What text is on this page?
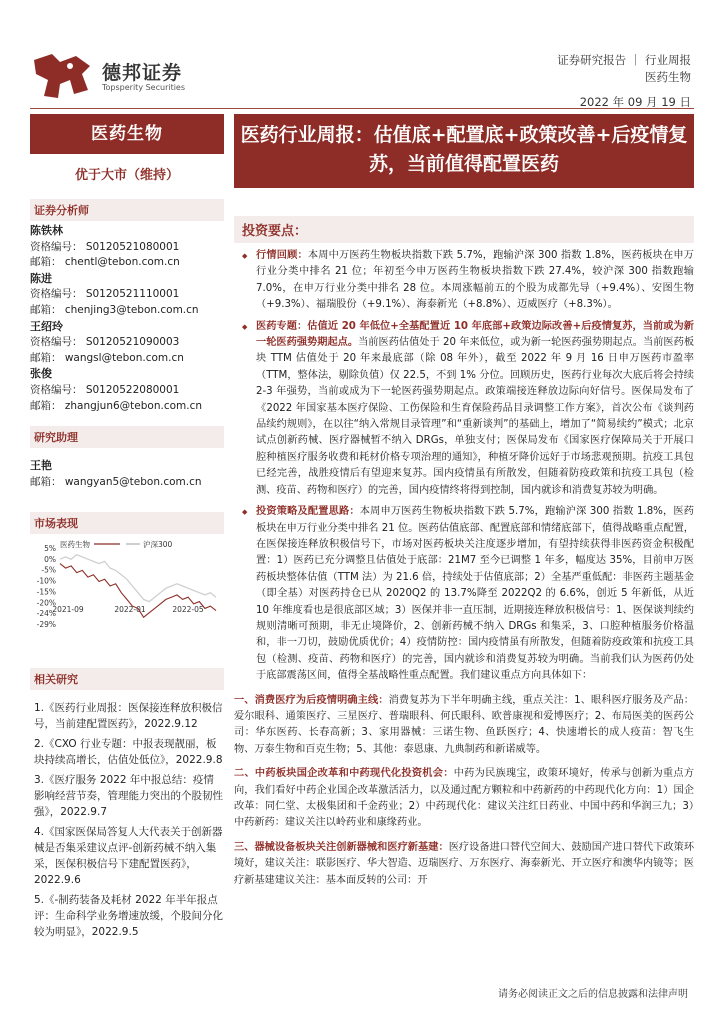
德邦证券
Topsperity Securities
证券研究报告 ｜ 行业周报
医药生物
2022 年 09 月 19 日
医药生物
优于大市（维持）
证券分析师
陈铁林
资格编号： S0120521080001
邮箱： chentl@tebon.com.cn
陈进
资格编号： S0120521110001
邮箱： chenjing3@tebon.com.cn
王绍玲
资格编号： S0120521090003
邮箱： wangsl@tebon.com.cn
张俊
资格编号： S0120522080001
邮箱： zhangjun6@tebon.com.cn
研究助理
王艳
邮箱： wangyan5@tebon.com.cn
市场表现
5%
0%
-5%
-10%
-15%
-20%
-24%
-29%
2021-09	2022-01	2022-05
医药生物	沪深300
相关研究
1.《医药行业周报：医保接连释放积极信号，当前建配置医药》，2022.9.12
2.《CXO 行业专题：中报表现靓丽，板块持续高增长，估值处低位》，2022.9.8
3.《医疗服务 2022 年中报总结：疫情影响经营节奏，管理能力突出的个股韧性强》，2022.9.7
4.《国家医保局答复人大代表关于创新器械是否集采建议点评-创新药械不纳入集采，医保积极信号下建配置医药》，2022.9.6
5.《-制药装备及耗材 2022 年半年报点评：生命科学业务增速放缓，个股间分化较为明显》，2022.9.5
医药行业周报：估值底+配置底+政策改善+后疫情复苏，当前值得配置医药
投资要点：
◆ 行情回顾：本周中万医药生物板块指数下跌 5.7%，跑输沪深 300 指数 1.8%，医药板块在申万行业分类中排名 21 位；年初至今申万医药生物板块指数下跌 27.4%，较沪深 300 指数跑输 7.0%，在申万行业分类中排名 28 位。本周涨幅前五的个股为成都先导（+9.4%）、安图生物（+9.3%）、福瑞股份（+9.1%）、海泰新光（+8.8%）、迈威医疗（+8.3%）。
◆ 医药专题：估值近 20 年低位+全基配置近 10 年底部+政策边际改善+后疫情复苏，当前或为新一轮医药强势期起点。当前医药估值处于 20 年来低位，或为新一轮医药强势期起点。当前医药板块 TTM 估值处于 20 年来最底部（除 08 年外），截至 2022 年 9 月 16 日申万医药市盈率（TTM，整体法，剔除负值）仅 22.5，不到 1% 分位。回顾历史，医药行业每次大底后将会持续 2-3 年强势，当前或成为下一轮医药强势期起点。政策端接连释放边际向好信号。医保局发布了《2022 年国家基本医疗保险、工伤保险和生育保险药品目录调整工作方案》，首次公布《谈判药品续约规则》，在以往“纳入常规目录管理”和“重新谈判”的基础上，增加了“简易续约”模式；北京试点创新药械、医疗器械暂不纳入 DRGs，单独支付；医保局发布《国家医疗保障局关于开展口腔种植医疗服务收费和耗材价格专项治理的通知》，种植牙降价远好于市场悲观预期。抗疫工具包已经完善，战胜疫情后有望迎来复苏。国内疫情虽有所散发，但随着防疫政策和抗疫工具包（检测、疫苗、药物和医疗）的完善，国内疫情终将得到控制，国内就诊和消费复苏较为明确。
◆ 投资策略及配置思路：本周申万医药生物板块指数下跌 5.7%，跑输沪深 300 指数 1.8%，医药板块在申万行业分类中排名 21 位。医药估值底部、配置底部和情绪底部下，值得战略重点配置，在医保接连释放积极信号下，市场对医药板块关注度逐步增加，有望持续获得非医药资金积极配置：1）医药已充分调整且估值处于底部：21M7 至今已调整 1 年多，幅度达 35%，目前申万医药板块整体估值（TTM 法）为 21.6 倍，持续处于估值底部；2）全基严重低配：非医药主题基金（即全基）对医药持仓已从 2020Q2 的 13.7%降至 2022Q2 的 6.6%，创近 5 年新低，从近 10 年维度看也是很底部区域；3）医保并非一直压制，近期接连释放积极信号：1、医保谈判续约规则清晰可预期，非无止境降价，2、创新药械不纳入 DRGs 和集采，3、口腔种植服务价格温和，非一刀切，鼓励优质优价；4）疫情防控：国内疫情虽有所散发，但随着防疫政策和抗疫工具包（检测、疫苗、药物和医疗）的完善，国内就诊和消费复苏较为明确。当前我们认为医药仍处于底部震荡区间，值得全基战略性重点配置。我们建议重点方向具体如下：
一、消费医疗为后疫情明确主线：消费复苏为下半年明确主线，重点关注：1、眼科医疗服务及产品：爱尔眼科、通策医疗、三星医疗、普瑞眼科、何氏眼科、欧普康视和爱博医疗；2、布局医美的医药公司：华东医药、长春高新；3、家用器械：三诺生物、鱼跃医疗；4、快速增长的成人疫苗：智飞生物、万泰生物和百克生物；5、其他：泰恩康、九典制药和新诺威等。
二、中药板块国企改革和中药现代化投资机会：中药为民族瑰宝，政策环境好，传承与创新为重点方向，我们看好中药企业国企改革激活活力，以及通过配方颗粒和中药新药的中药现代化方向：1）国企改革：同仁堂、太极集团和千金药业；2）中药现代化：建议关注红日药业、中国中药和华润三九；3）中药新药：建议关注以岭药业和康缘药业。
三、器械设备板块关注创新器械和医疗新基建：医疗设备进口替代空间大、鼓励国产进口替代下政策环境好，建议关注：联影医疗、华大智造、迈瑞医疗、万东医疗、海泰新光、开立医疗和澳华内镜等；医疗新基建建议关注：基本面反转的公司：开
请务必阅读正文之后的信息披露和法律声明
